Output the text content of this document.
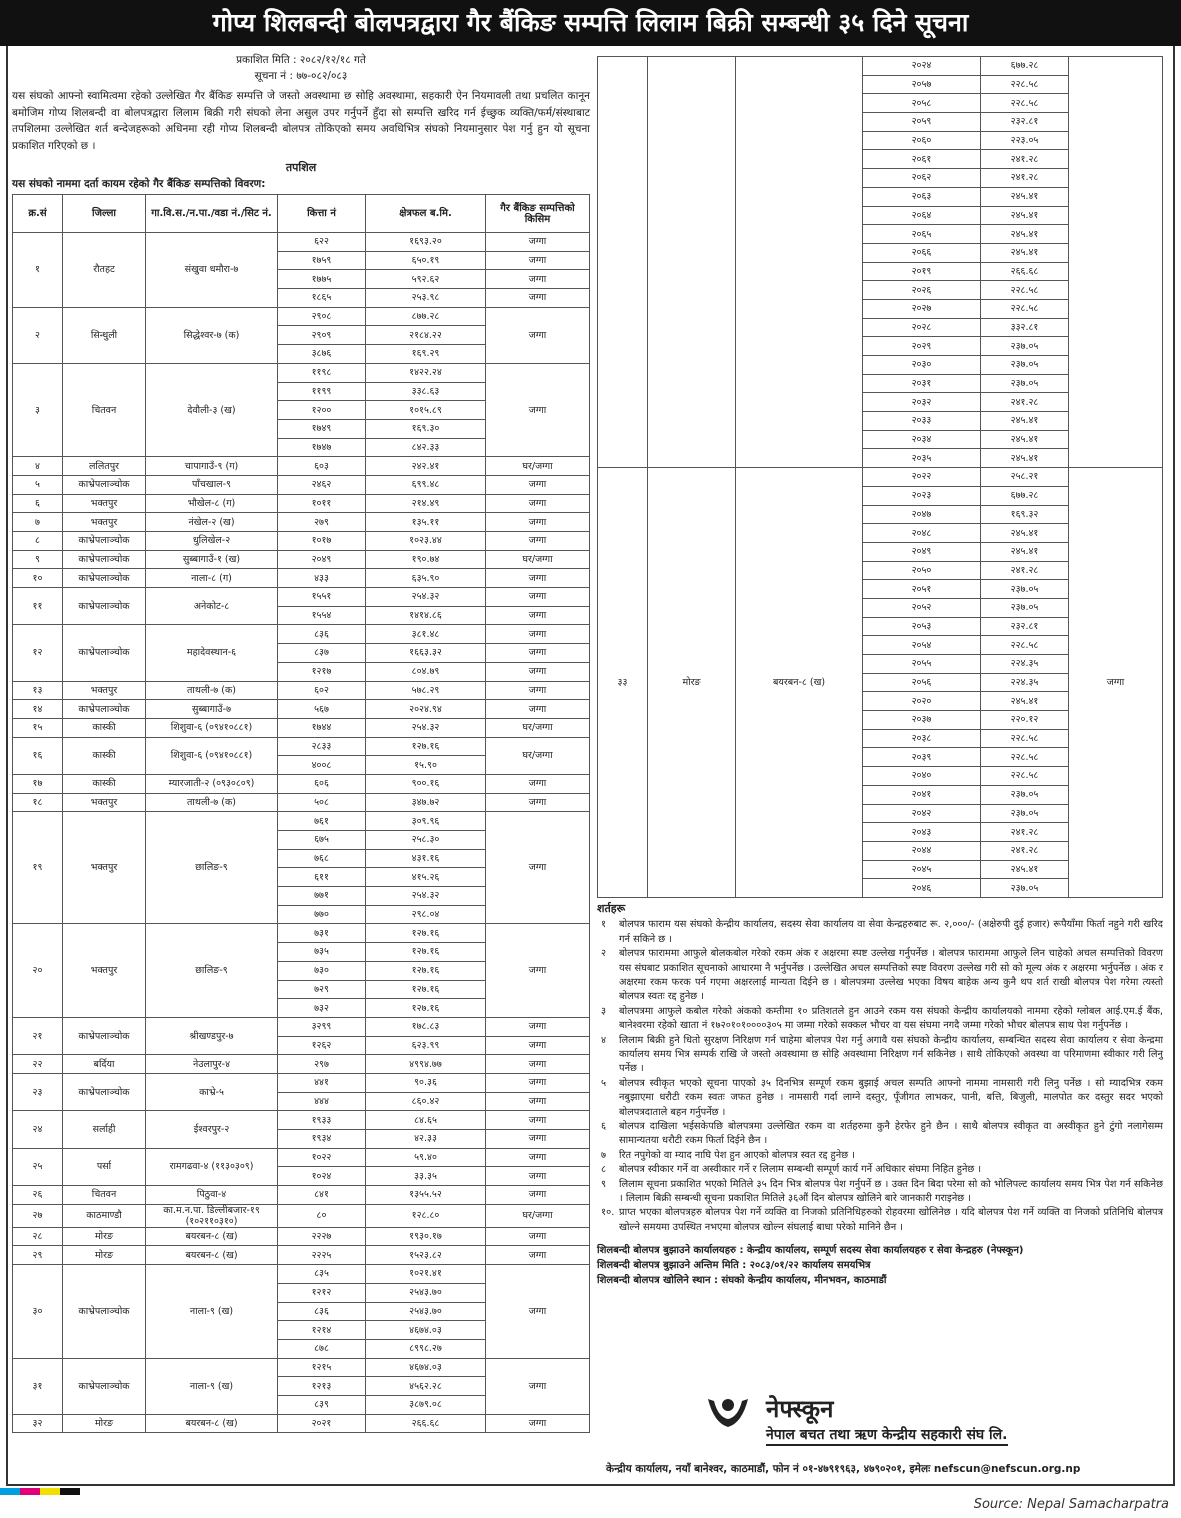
गोप्य शिलबन्दी बोलपत्रद्वारा गैर बैंकिङ सम्पत्ति लिलाम बिक्री सम्बन्धी ३५ दिने सूचना
प्रकाशित मिति : २०८२/१२/१८ गते
सूचना नं : ७७-०८२/०८३

यस संघको आफ्नो स्वामित्वमा रहेको उल्लेखित गैर बैंकिङ सम्पत्ति जे जस्तो अवस्थामा छ सोहि अवस्थामा, सहकारी ऐन नियमावली तथा प्रचलित कानून बमोजिम गोप्य शिलबन्दी वा बोलपत्रद्वारा लिलाम बिक्री गरी संघको लेना असुल उपर गर्नुपर्ने हुँदा सो सम्पत्ति खरिद गर्न ईच्छुक व्यक्ति/फर्म/संस्थाबाट तपशिलमा उल्लेखित शर्त बन्देजहरूको अधिनमा रही गोप्य शिलबन्दी बोलपत्र तोकिएको समय अवधिभित्र संघको नियमानुसार पेश गर्नु हुन यो सूचना प्रकाशित गरिएको छ ।

तपशिल
यस संघको नाममा दर्ता कायम रहेको गैर बैंकिङ सम्पत्तिको विवरण:
क्र.सं	जिल्ला	गा.वि.स./न.पा./वडा नं./सिट नं.	कित्ता नं	क्षेत्रफल ब.मि.	गैर बैंकिङ सम्पत्तिको किसिम
१	रौतहट	संखुवा धमौरा-७	६२२	१६९३.२०	जग्गा
			१७५९	६५०.१९	जग्गा
			१७७५	५९२.६२	जग्गा
			१८६५	२५३.९८	जग्गा
२	सिन्धुली	सिद्धेश्वर-७ (क)	२९०८	८७७.२८	जग्गा
			२९०९	२१८४.२२	
			३८७६	१६९.२९	
३	चितवन	देवौली-३ (ख)	११९८	१४२२.२४	जग्गा
			११९९	३३८.६३	
			१२००	१०१५.८९	
			१७४९	१६९.३०	
			१७४७	८४२.३३	
४	ललितपुर	चापागाउँ-९ (ग)	६०३	२४२.४१	घर/जग्गा
५	काभ्रेपलाञ्चोक	पाँचखाल-९	२४६२	६९९.४८	जग्गा
६	भक्तपुर	भौखेल-८ (ग)	१०११	२१४.४९	जग्गा
७	भक्तपुर	नंखेल-२ (ख)	२७९	१३५.११	जग्गा
८	काभ्रेपलाञ्चोक	धुलिखेल-२	१०१७	१०२३.४४	जग्गा
९	काभ्रेपलाञ्चोक	सुब्बागाउँ-१ (ख)	२०४९	१९०.७४	घर/जग्गा
१०	काभ्रेपलाञ्चोक	नाला-८ (ग)	४३३	६३५.९०	जग्गा
११	काभ्रेपलाञ्चोक	अनेकोट-८	१५५१	२५४.३२	जग्गा
			१५५४	१४१४.८६	जग्गा
१२	काभ्रेपलाञ्चोक	महादेवस्थान-६	८३६	३८१.४८	जग्गा
			८३७	१६६३.३२	जग्गा
			१२१७	८०४.७९	जग्गा
१३	भक्तपुर	ताथली-७ (क)	६०२	५७८.२९	जग्गा
१४	काभ्रेपलाञ्चोक	सुब्बागाउँ-७	५६७	२०२४.९४	जग्गा
१५	कास्की	शिशुवा-६ (०९४१०८८१)	१७४४	२५४.३२	घर/जग्गा
१६	कास्की	शिशुवा-६ (०९४१०८८१)	२८३३	१२७.१६	घर/जग्गा
			४००८	१५.९०	
१७	कास्की	म्यारजाती-२ (०९३०८०९)	६०६	९००.१६	जग्गा
१८	भक्तपुर	ताथली-७ (क)	५०८	३४७.७२	जग्गा
१९	भक्तपुर	छालिङ-९	७६१	३०९.९६	जग्गा
			६७५	२५८.३०	
			७६८	४३१.१६	
			६११	४१५.२६	
			७७१	२५४.३२	
			७७०	२९८.०४	
२०	भक्तपुर	छालिङ-९	७३१	१२७.१६	जग्गा
			७३५	१२७.१६	
			७३०	१२७.१६	
			७२९	१२७.१६	
			७३२	१२७.१६	
२१	काभ्रेपलाञ्चोक	श्रीखण्डपुर-७	३२९९	१७८.८३	जग्गा
			१२६२	६२३.९९	जग्गा
२२	बर्दिया	नेउलापुर-४	२९७	४९९४.७७	जग्गा
२३	काभ्रेपलाञ्चोक	काभ्रे-५	४४१	९०.३६	जग्गा
			४४४	८६०.४२	जग्गा
२४	सर्लाही	ईश्वरपुर-२	१९३३	८४.६५	जग्गा
			१९३४	४२.३३	जग्गा
२५	पर्सा	रामगढवा-४ (११३०३०९)	१०२२	५९.४०	जग्गा
			१०२४	३३.३५	जग्गा
२६	चितवन	पिठुवा-४	८४१	१३५५.५२	जग्गा
२७	काठमाण्डौ	का.म.न.पा. डिल्लीबजार-१९ (१०२११०३१०)	८०	१२८.८०	घर/जग्गा
२८	मोरङ	बयरबन-८ (ख)	२२२७	१९३०.१७	जग्गा
२९	मोरङ	बयरबन-८ (ख)	२२२५	१५२३.८२	जग्गा
३०	काभ्रेपलाञ्चोक	नाला-९ (ख)	८३५	१०२१.४१	जग्गा
			१२१२	२५४३.७०	
			८३६	२५४३.७०	
			१२१४	४६७४.०३	
			८७८	८९९८.२७	
३१	काभ्रेपलाञ्चोक	नाला-९ (ख)	१२१५	४६७४.०३	जग्गा
			१२१३	४५६२.२८	
			८३९	३८७९.०८	
३२	मोरङ	बयरबन-८ (ख)	२०२१	२६६.६८	जग्गा
			२०२४	६७७.२८	
			२०५७	२२८.५८	
			२०५८	२२८.५८	
			२०५९	२३२.८१	
			२०६०	२२३.०५	
			२०६१	२४१.२८	
			२०६२	२४१.२८	
			२०६३	२४५.४१	
			२०६४	२४५.४१	
			२०६५	२४५.४१	
			२०६६	२४५.४१	
			२०१९	२६६.६८	
			२०२६	२२८.५८	
			२०२७	२२८.५८	
			२०२८	३३२.८१	
			२०२९	२३७.०५	
			२०३०	२३७.०५	
			२०३१	२३७.०५	
			२०३२	२४१.२८	
			२०३३	२४५.४१	
			२०३४	२४५.४१	
			२०३५	२४५.४१	
३३	मोरङ	बयरबन-८ (ख)	२०२२	२५८.२१	जग्गा
			२०२३	६७७.२८	
			२०४७	१६९.३२	
			२०४८	२४५.४१	
			२०४९	२४५.४१	
			२०५०	२४१.२८	
			२०५१	२३७.०५	
			२०५२	२३७.०५	
			२०५३	२३२.८१	
			२०५४	२२८.५८	
			२०५५	२२४.३५	
			२०५६	२२४.३५	
			२०२०	२४५.४१	
			२०३७	२२०.१२	
			२०३८	२२८.५८	
			२०३९	२२८.५८	
			२०४०	२२८.५८	
			२०४१	२३७.०५	
			२०४२	२३७.०५	
			२०४३	२४१.२८	
			२०४४	२४१.२८	
			२०४५	२४५.४१	
			२०४६	२३७.०५	
शर्तहरू
१	बोलपत्र फाराम यस संघको केन्द्रीय कार्यालय, सदस्य सेवा कार्यालय वा सेवा केन्द्रहरुबाट रू. २,०००/- (अक्षेरुपी दुई हजार) रूपैयाँमा फिर्ता नहुने गरी खरिद गर्न सकिने छ ।
२	बोलपत्र फाराममा आफुले बोलकबोल गरेको रकम अंक र अक्षरमा स्पष्ट उल्लेख गर्नुपर्नेछ । बोलपत्र फाराममा आफुले लिन चाहेको अचल सम्पत्तिको विवरण यस संघबाट प्रकाशित सूचनाको आधारमा नै भर्नुपर्नेछ । उल्लेखित अचल सम्पत्तिको स्पष्ट विवरण उल्लेख गरी सो को मूल्य अंक र अक्षरमा भर्नुपर्नेछ । अंक र अक्षरमा रकम फरक पर्न गएमा अक्षरलाई मान्यता दिईने छ । बोलपत्रमा उल्लेख भएका विषय बाहेक अन्य कुनै थप शर्त राखी बोलपत्र पेश गरेमा त्यस्तो बोलपत्र स्वतः रद्द हुनेछ ।
३	बोलपत्रमा आफुले कबोल गरेको अंकको कम्तीमा १० प्रतिशतले हुन आउने रकम यस संघको केन्द्रीय कार्यालयको नाममा रहेको ग्लोबल आई.एम.ई बैंक, बानेश्वरमा रहेको खाता नं १७२०१०१००००३०५ मा जम्मा गरेको सक्कल भौचर वा यस संघमा नगदै जम्मा गरेको भौचर बोलपत्र साथ पेश गर्नुपर्नेछ ।
४	लिलाम बिक्री हुने धितो सुरक्षण निरिक्षण गर्न चाहेमा बोलपत्र पेश गर्नु अगावै यस संघको केन्द्रीय कार्यालय, सम्बन्धित सदस्य सेवा कार्यालय र सेवा केन्द्रमा कार्यालय समय भित्र सम्पर्क राखि जे जस्तो अवस्थामा छ सोहि अवस्थामा निरिक्षण गर्न सकिनेछ । साथै तोकिएको अवस्था वा परिमाणमा स्वीकार गरी लिनु पर्नेछ ।
५	बोलपत्र स्वीकृत भएको सूचना पाएको ३५ दिनभित्र सम्पूर्ण रकम बुझाई अचल सम्पति आफ्नो नाममा नामसारी गरी लिनु पर्नेछ । सो म्यादभित्र रकम नबुझाएमा धरौटी रकम स्वतः जफत हुनेछ । नामसारी गर्दा लाग्ने दस्तुर, पूँजीगत लाभकर, पानी, बत्ति, बिजुली, मालपोत कर दस्तुर सदर भएको बोलपत्रदाताले बहन गर्नुपर्नेछ ।
६	बोलपत्र दाखिला भईसकेपछि बोलपत्रमा उल्लेखित रकम वा शर्तहरुमा कुनै हेरफेर हुने छैन । साथै बोलपत्र स्वीकृत वा अस्वीकृत हुने टुंगो नलागेसम्म सामान्यतया धरौटी रकम फिर्ता दिईने छैन ।
७	रित नपुगेको वा म्याद नाघि पेश हुन आएको बोलपत्र स्वत रद्द हुनेछ ।
८	बोलपत्र स्वीकार गर्ने वा अस्वीकार गर्ने र लिलाम सम्बन्धी सम्पूर्ण कार्य गर्ने अधिकार संघमा निहित हुनेछ ।
९	लिलाम सूचना प्रकाशित भएको मितिले ३५ दिन भित्र बोलपत्र पेश गर्नुपर्ने छ । उक्त दिन बिदा परेमा सो को भोलिपल्ट कार्यालय समय भित्र पेश गर्न सकिनेछ । लिलाम बिक्री सम्बन्धी सूचना प्रकाशित मितिले ३६औं दिन बोलपत्र खोलिने बारे जानकारी गराइनेछ ।
१०. प्राप्त भएका बोलपत्रहरु बोलपत्र पेश गर्ने व्यक्ति वा निजको प्रतिनिधिहरुको रोहवरमा खोलिनेछ । यदि बोलपत्र पेश गर्ने व्यक्ति वा निजको प्रतिनिधि बोलपत्र खोल्ने समयमा उपस्थित नभएमा बोलपत्र खोल्न संघलाई बाधा परेको मानिने छैन ।
शिलबन्दी बोलपत्र बुझाउने कार्यालयहरु : केन्द्रीय कार्यालय, सम्पूर्ण सदस्य सेवा कार्यालयहरु र सेवा केन्द्रहरु (नेफ्स्कून)
शिलबन्दी बोलपत्र बुझाउने अन्तिम मिति : २०८३/०१/२२ कार्यालय समयभित्र
शिलबन्दी बोलपत्र खोलिने स्थान : संघको केन्द्रीय कार्यालय, मीनभवन, काठमाडौं
नेफ्स्कून
नेपाल बचत तथा ऋण केन्द्रीय सहकारी संघ लि.
केन्द्रीय कार्यालय, नयाँ बानेश्वर, काठमाडौं, फोन नं ०१-४७९१९६३, ४७९०२०१, इमेलः nefscun@nefscun.org.np
Source: Nepal Samacharpatra
